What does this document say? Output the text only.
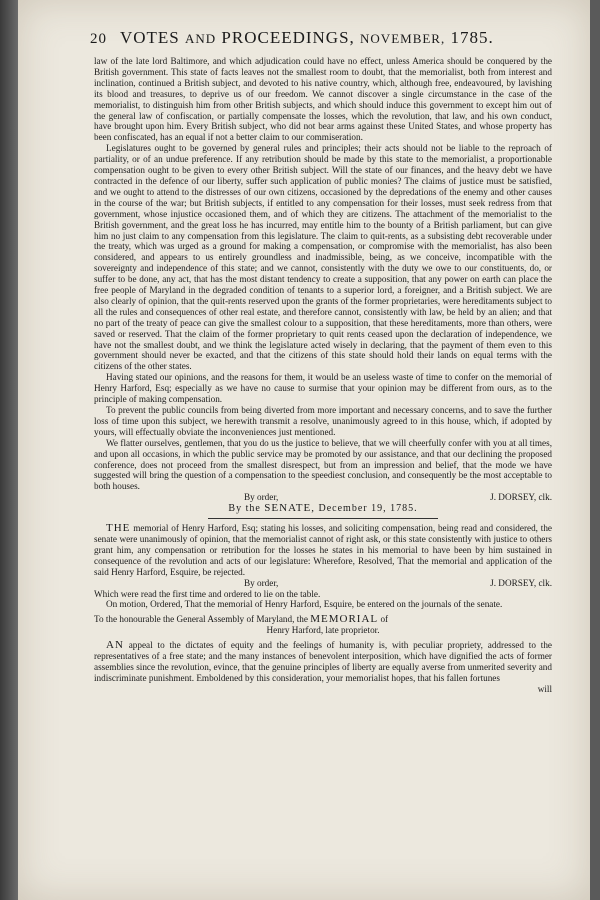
20 VOTES AND PROCEEDINGS, NOVEMBER, 1785.

law of the late lord Baltimore, and which adjudication could have no effect, unless America should be conquered by the British government. This state of facts leaves not the smallest room to doubt, that the memorialist, both from interest and inclination, continued a British subject, and devoted to his native country, which, although free, endeavoured, by lavishing its blood and treasures, to deprive us of our freedom. We cannot discover a single circumstance in the case of the memorialist, to distinguish him from other British subjects, and which should induce this government to except him out of the general law of confiscation, or partially compensate the losses, which the revolution, that law, and his own conduct, have brought upon him. Every British subject, who did not bear arms against these United States, and whose property has been confiscated, has an equal if not a better claim to our commiseration.

Legislatures ought to be governed by general rules and principles; their acts should not be liable to the reproach of partiality, or of an undue preference. If any retribution should be made by this state to the memorialist, a proportionable compensation ought to be given to every other British subject. Will the state of our finances, and the heavy debt we have contracted in the defence of our liberty, suffer such application of public monies? The claims of justice must be satisfied, and we ought to attend to the distresses of our own citizens, occasioned by the depredations of the enemy and other causes in the course of the war; but British subjects, if entitled to any compensation for their losses, must seek redress from that government, whose injustice occasioned them, and of which they are citizens. The attachment of the memorialist to the British government, and the great loss he has incurred, may entitle him to the bounty of a British parliament, but can give him no just claim to any compensation from this legislature. The claim to quit-rents, as a subsisting debt recoverable under the treaty, which was urged as a ground for making a compensation, or compromise with the memorialist, has also been considered, and appears to us entirely groundless and inadmissible, being, as we conceive, incompatible with the sovereignty and independence of this state; and we cannot, consistently with the duty we owe to our constituents, do, or suffer to be done, any act, that has the most distant tendency to create a supposition, that any power on earth can place the free people of Maryland in the degraded condition of tenants to a superior lord, a foreigner, and a British subject. We are also clearly of opinion, that the quit-rents reserved upon the grants of the former proprietaries, were hereditaments subject to all the rules and consequences of other real estate, and therefore cannot, consistently with law, be held by an alien; and that no part of the treaty of peace can give the smallest colour to a supposition, that these hereditaments, more than others, were saved or reserved. That the claim of the former proprietary to quit rents ceased upon the declaration of independence, we have not the smallest doubt, and we think the legislature acted wisely in declaring, that the payment of them even to this government should never be exacted, and that the citizens of this state should hold their lands on equal terms with the citizens of the other states.

Having stated our opinions, and the reasons for them, it would be an useless waste of time to confer on the memorial of Henry Harford, Esq; especially as we have no cause to surmise that your opinion may be different from ours, as to the principle of making compensation.

To prevent the public councils from being diverted from more important and necessary concerns, and to save the further loss of time upon this subject, we herewith transmit a resolve, unanimously agreed to in this house, which, if adopted by yours, will effectually obviate the inconveniences just mentioned.

We flatter ourselves, gentlemen, that you do us the justice to believe, that we will cheerfully confer with you at all times, and upon all occasions, in which the public service may be promoted by our assistance, and that our declining the proposed conference, does not proceed from the smallest disrespect, but from an impression and belief, that the mode we have suggested will bring the question of a compensation to the speediest conclusion, and consequently be the most acceptable to both houses.

By order,	J. DORSEY, clk.

By the SENATE, December 19, 1785.

THE memorial of Henry Harford, Esq; stating his losses, and soliciting compensation, being read and considered, the senate were unanimously of opinion, that the memorialist cannot of right ask, or this state consistently with justice to others grant him, any compensation or retribution for the losses he states in his memorial to have been by him sustained in consequence of the revolution and acts of our legislature: Wherefore, Resolved, That the memorial and application of the said Henry Harford, Esquire, be rejected.

By order,	J. DORSEY, clk.

Which were read the first time and ordered to lie on the table.

On motion, Ordered, That the memorial of Henry Harford, Esquire, be entered on the journals of the senate.

To the honourable the General Assembly of Maryland, the MEMORIAL of

Henry Harford, late proprietor.

AN appeal to the dictates of equity and the feelings of humanity is, with peculiar propriety, addressed to the representatives of a free state; and the many instances of benevolent interposition, which have dignified the acts of former assemblies since the revolution, evince, that the genuine principles of liberty are equally averse from unmerited severity and indiscriminate punishment. Emboldened by this consideration, your memorialist hopes, that his fallen fortunes

will
